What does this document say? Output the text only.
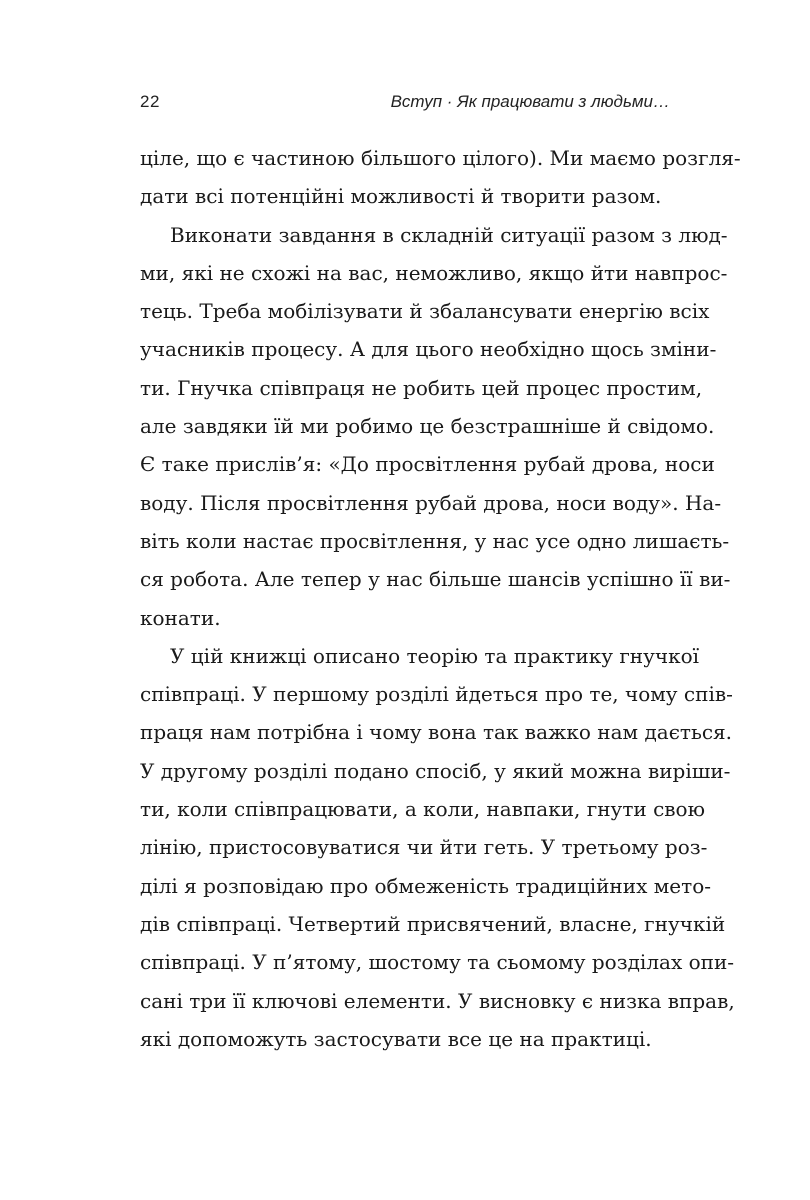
22	Вступ · Як працювати з людьми…
ціле, що є частиною більшого цілого). Ми маємо розгля-
дати всі потенційні можливості й творити разом.
Виконати завдання в складній ситуації разом з люд-
ми, які не схожі на вас, неможливо, якщо йти навпрос-
тець. Треба мобілізувати й збалансувати енергію всіх
учасників процесу. А для цього необхідно щось зміни-
ти. Гнучка співпраця не робить цей процес простим,
але завдяки їй ми робимо це безстрашніше й свідомо.
Є таке прислів’я: «До просвітлення рубай дрова, носи
воду. Після просвітлення рубай дрова, носи воду». На-
віть коли настає просвітлення, у нас усе одно лишаєть-
ся робота. Але тепер у нас більше шансів успішно її ви-
конати.
У цій книжці описано теорію та практику гнучкої
співпраці. У першому розділі йдеться про те, чому спів-
праця нам потрібна і чому вона так важко нам дається.
У другому розділі подано спосіб, у який можна виріши-
ти, коли співпрацювати, а коли, навпаки, гнути свою
лінію, пристосовуватися чи йти геть. У третьому роз-
ділі я розповідаю про обмеженість традиційних мето-
дів співпраці. Четвертий присвячений, власне, гнучкій
співпраці. У п’ятому, шостому та сьомому розділах опи-
сані три її ключові елементи. У висновку є низка вправ,
які допоможуть застосувати все це на практиці.
